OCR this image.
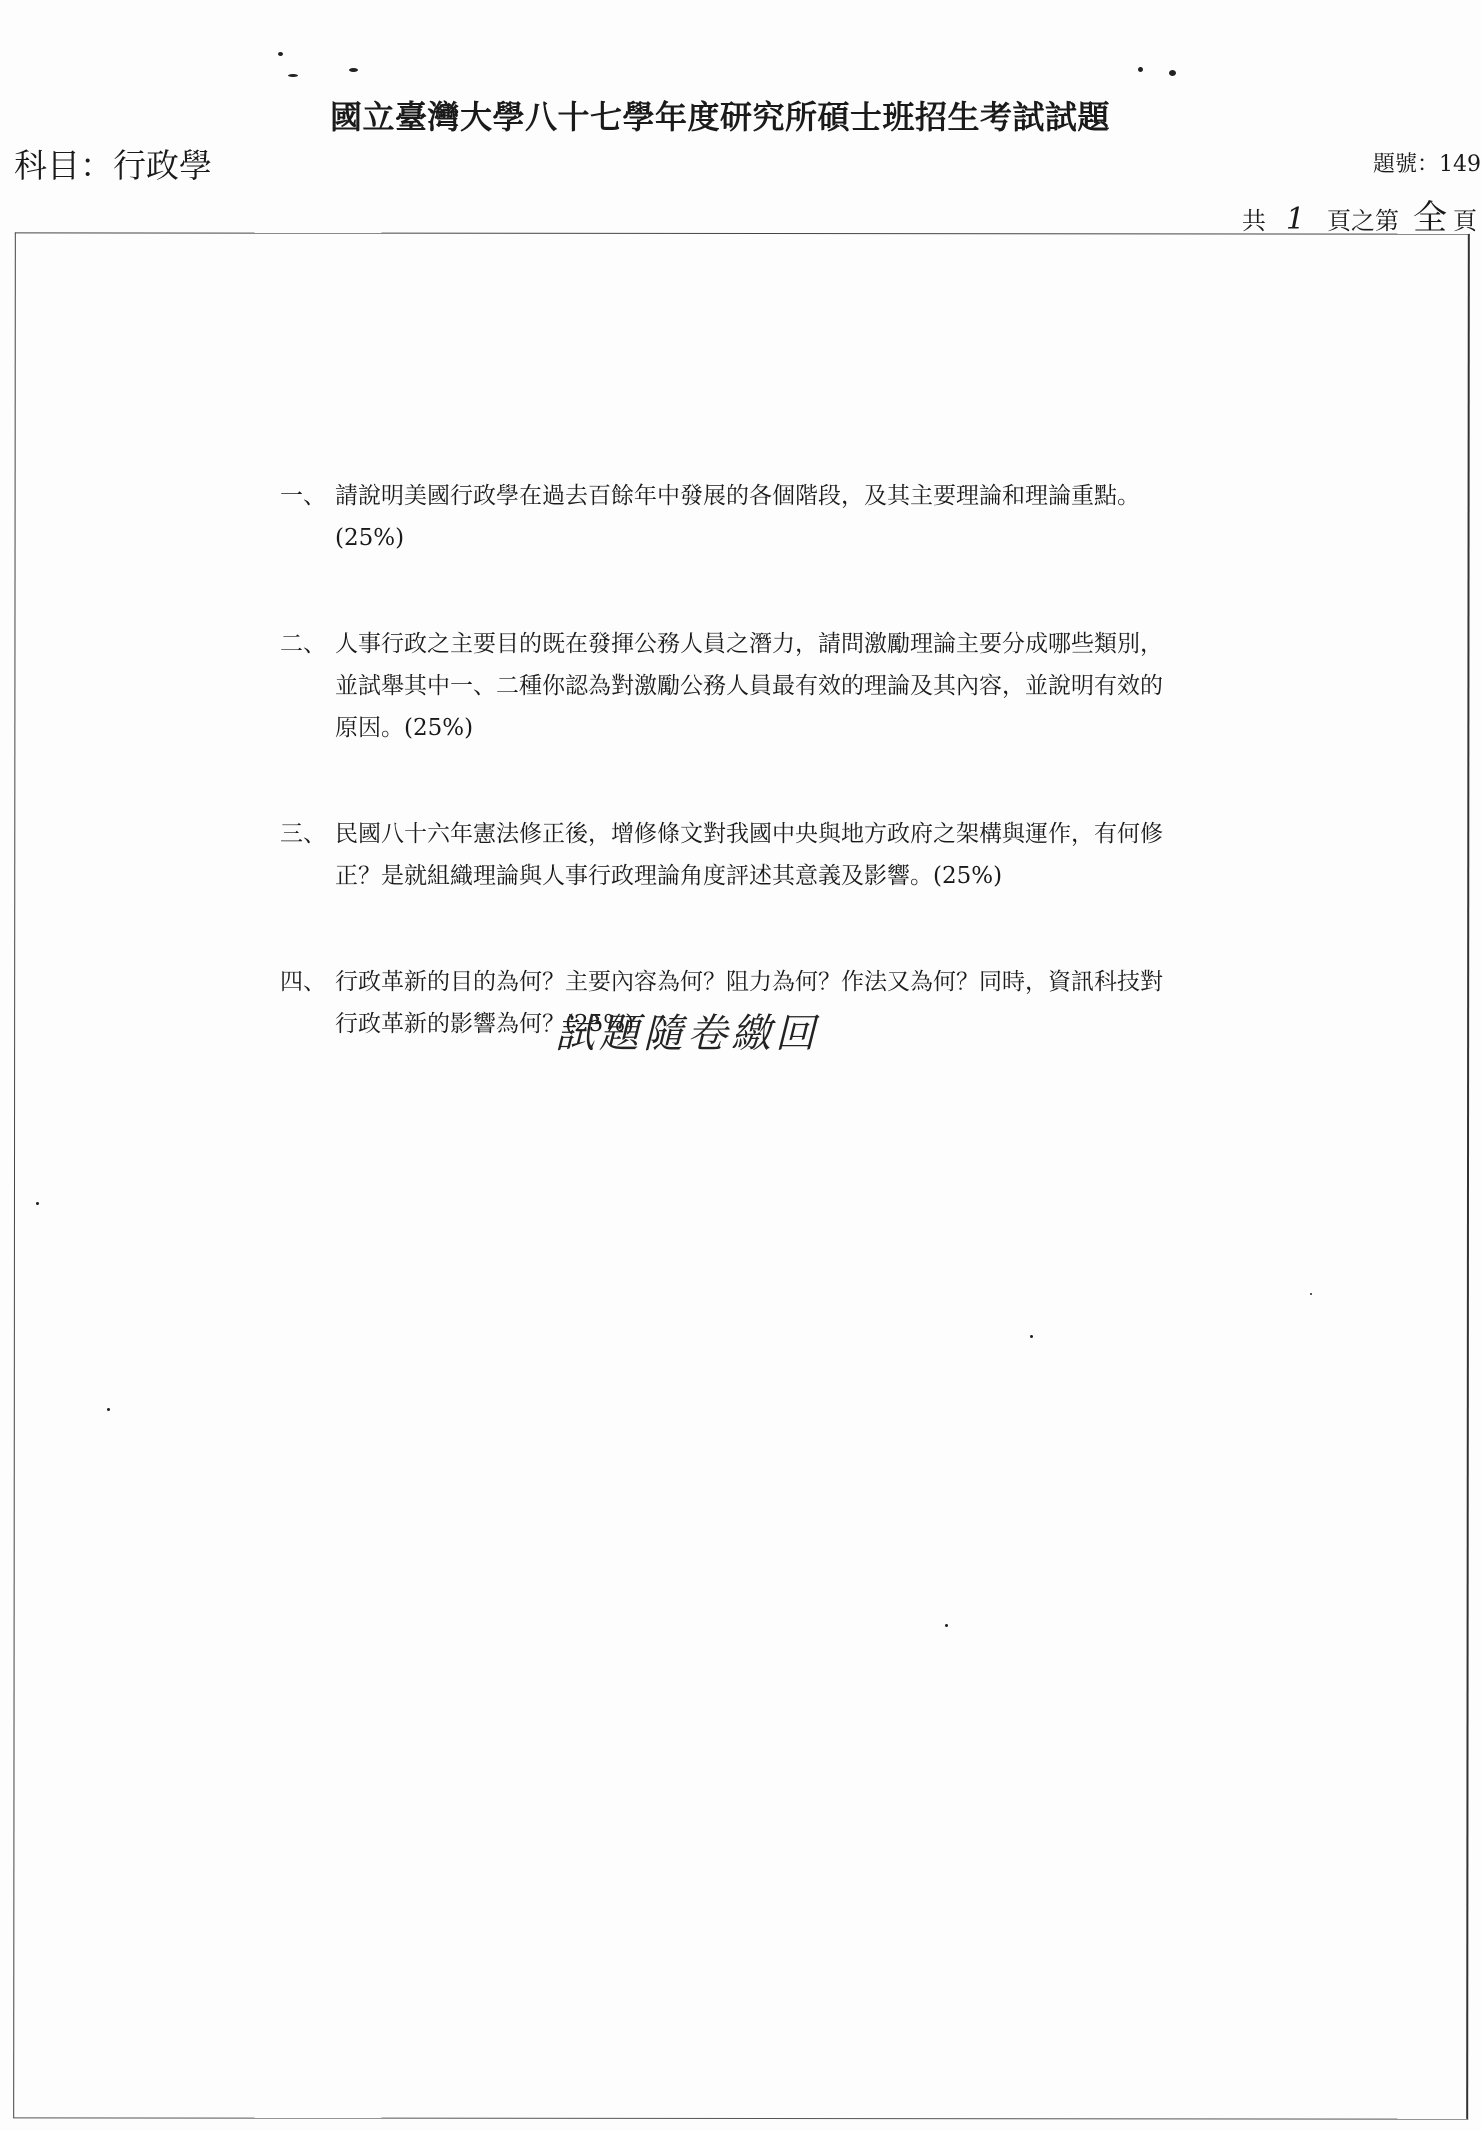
國立臺灣大學八十七學年度研究所碩士班招生考試試題
科目：行政學	題號：149
共 1 頁之第 全 頁
一、 請說明美國行政學在過去百餘年中發展的各個階段，及其主要理論和理論重點。(25%)
二、 人事行政之主要目的既在發揮公務人員之潛力，請問激勵理論主要分成哪些類別，並試舉其中一、二種你認為對激勵公務人員最有效的理論及其內容，並說明有效的原因。(25%)
三、 民國八十六年憲法修正後，增修條文對我國中央與地方政府之架構與運作，有何修正？是就組織理論與人事行政理論角度評述其意義及影響。(25%)
四、 行政革新的目的為何？主要內容為何？阻力為何？作法又為何？同時，資訊科技對行政革新的影響為何？(25%)
試題隨卷繳回
